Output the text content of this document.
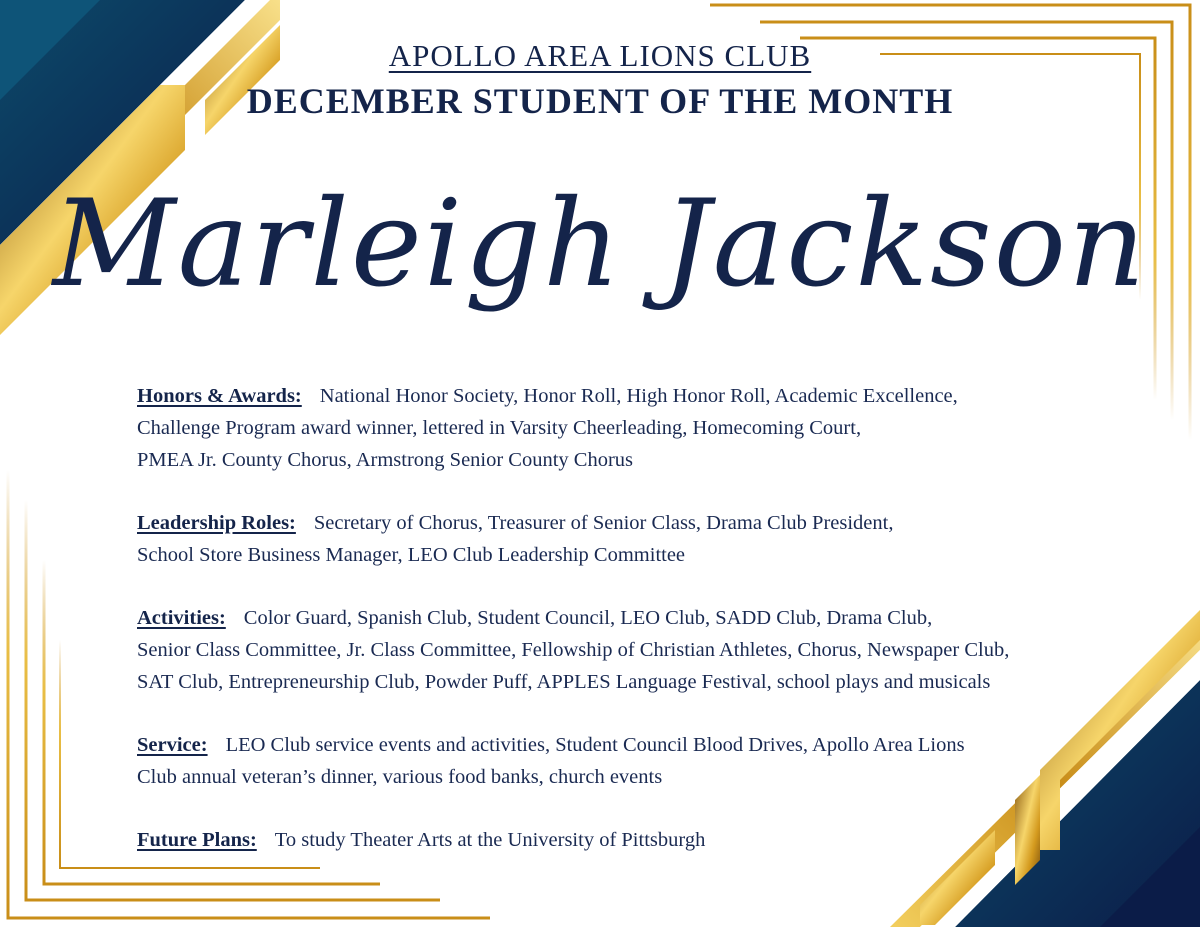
APOLLO AREA LIONS CLUB
DECEMBER STUDENT OF THE MONTH
Marleigh Jackson
Honors & Awards: National Honor Society, Honor Roll, High Honor Roll, Academic Excellence,
Challenge Program award winner, lettered in Varsity Cheerleading, Homecoming Court,
PMEA Jr. County Chorus, Armstrong Senior County Chorus
Leadership Roles: Secretary of Chorus, Treasurer of Senior Class, Drama Club President,
School Store Business Manager, LEO Club Leadership Committee
Activities: Color Guard, Spanish Club, Student Council, LEO Club, SADD Club, Drama Club,
Senior Class Committee, Jr. Class Committee, Fellowship of Christian Athletes, Chorus, Newspaper Club,
SAT Club, Entrepreneurship Club, Powder Puff, APPLES Language Festival, school plays and musicals
Service: LEO Club service events and activities, Student Council Blood Drives, Apollo Area Lions
Club annual veteran’s dinner, various food banks, church events
Future Plans: To study Theater Arts at the University of Pittsburgh
